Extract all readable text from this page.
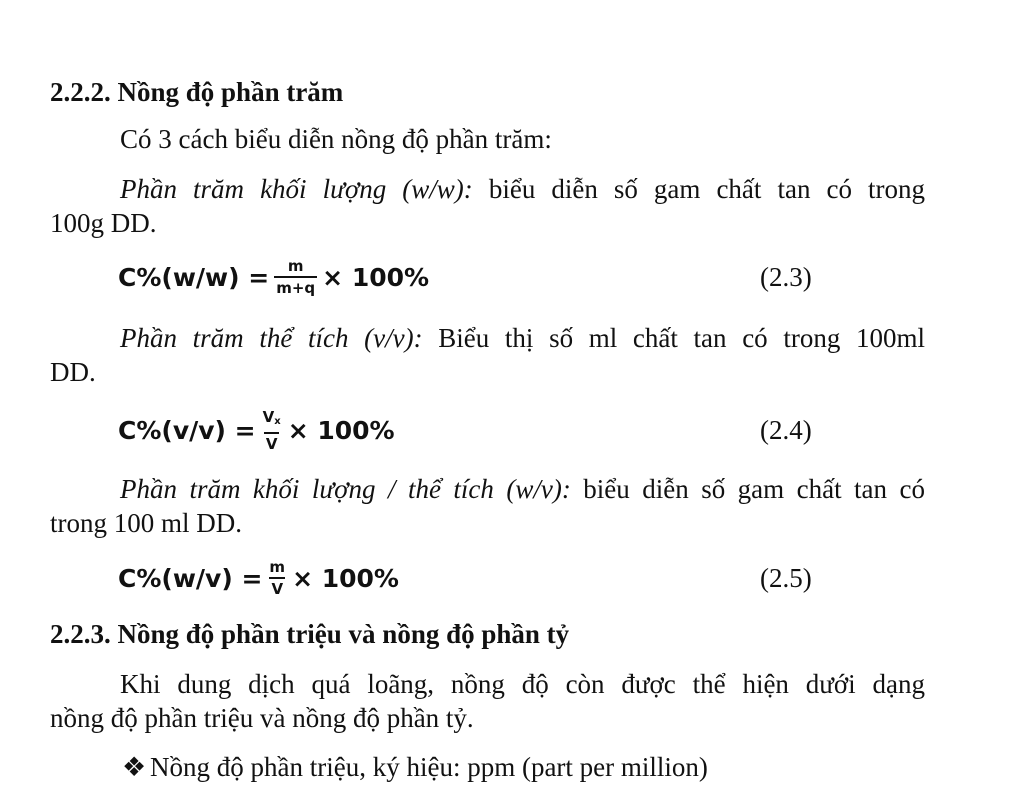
2.2.2. Nồng độ phần trăm
Có 3 cách biểu diễn nồng độ phần trăm:
Phần trăm khối lượng (w/w): biểu diễn số gam chất tan có trong
100g DD.
$C\%(w/w) = \frac{m}{m+q} \times 100\%$	(2.3)
Phần trăm thể tích (v/v): Biểu thị số ml chất tan có trong 100ml
DD.
$C\%(v/v) = \frac{V_x}{V} \times 100\%$	(2.4)
Phần trăm khối lượng / thể tích (w/v): biểu diễn số gam chất tan có
trong 100 ml DD.
$C\%(w/v) = \frac{m}{V} \times 100\%$	(2.5)
2.2.3. Nồng độ phần triệu và nồng độ phần tỷ
Khi dung dịch quá loãng, nồng độ còn được thể hiện dưới dạng
nồng độ phần triệu và nồng độ phần tỷ.
❖ Nồng độ phần triệu, ký hiệu: ppm (part per million)
